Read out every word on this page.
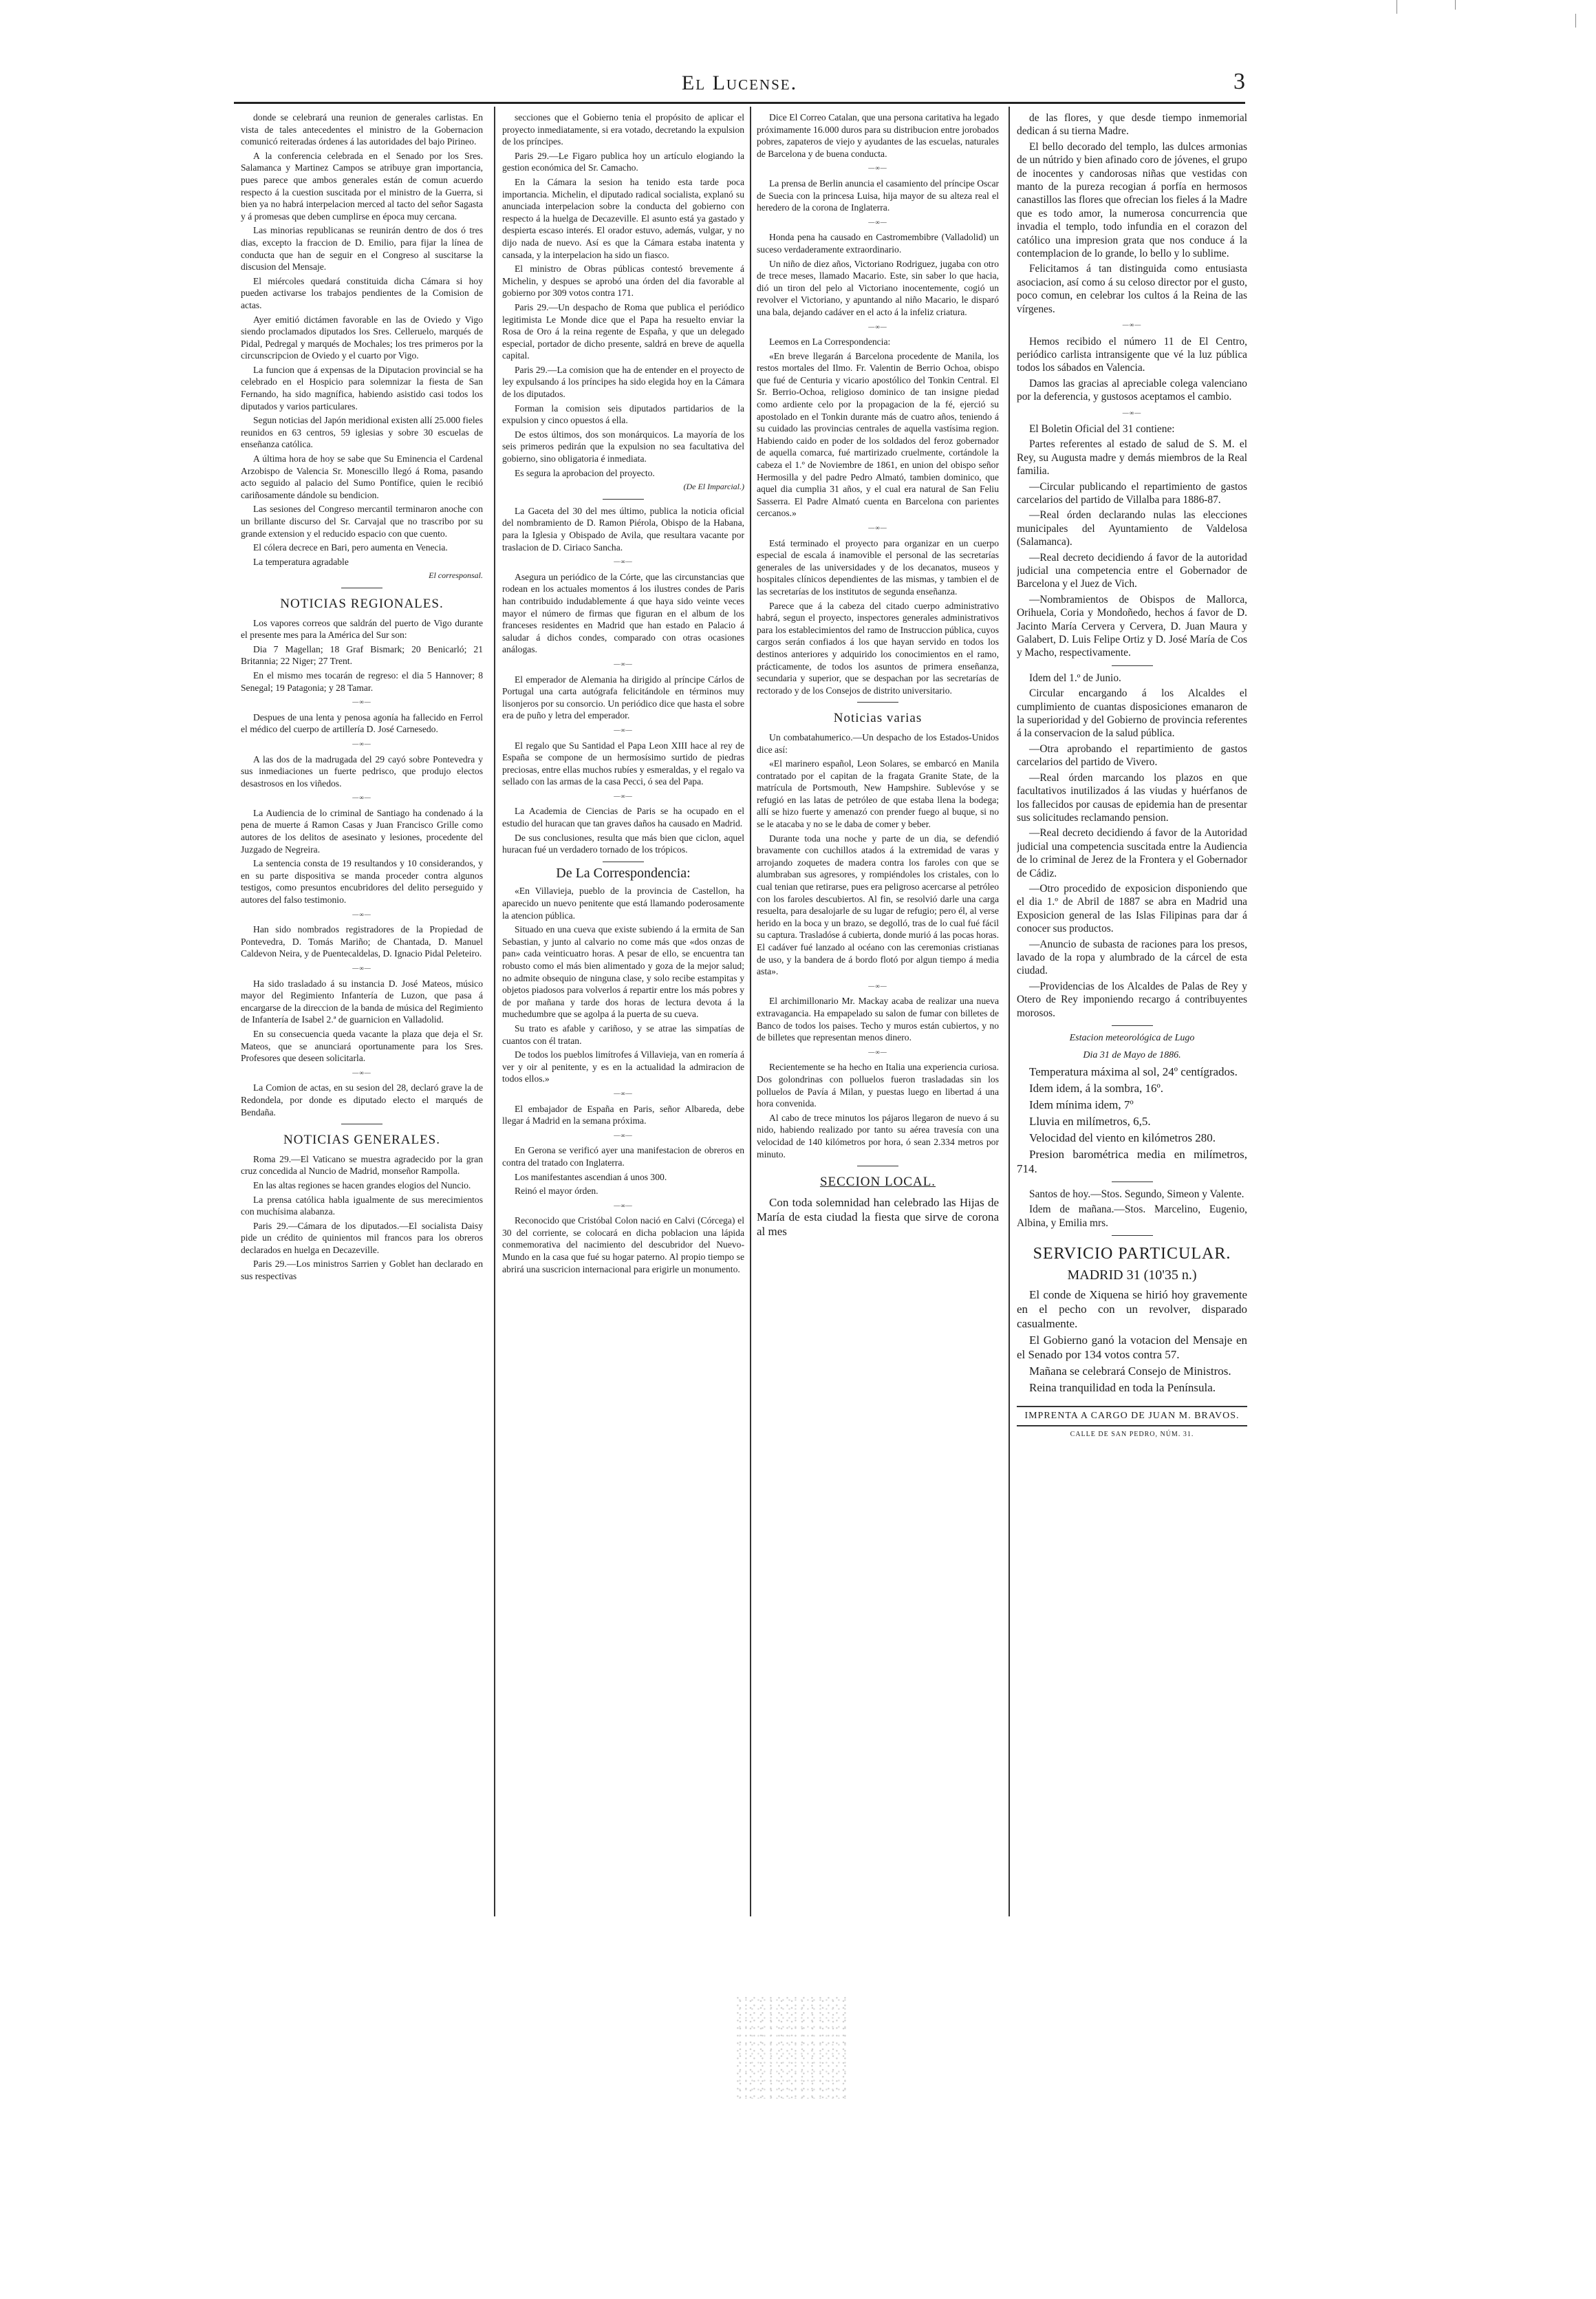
El Lucense.	3

donde se celebrará una reunion de generales carlistas. En vista de tales antecedentes el ministro de la Gobernacion comunicó reiteradas órdenes á las autoridades del bajo Pirineo.

A la conferencia celebrada en el Senado por los Sres. Salamanca y Martinez Campos se atribuye gran importancia, pues parece que ambos generales están de comun acuerdo respecto á la cuestion suscitada por el ministro de la Guerra, si bien ya no habrá interpelacion merced al tacto del señor Sagasta y á promesas que deben cumplirse en época muy cercana.

Las minorias republicanas se reunirán dentro de dos ó tres dias, excepto la fraccion de D. Emilio, para fijar la línea de conducta que han de seguir en el Congreso al suscitarse la discusion del Mensaje.

El miércoles quedará constituida dicha Cámara si hoy pueden activarse los trabajos pendientes de la Comision de actas.

Ayer emitió dictámen favorable en las de Oviedo y Vigo siendo proclamados diputados los Sres. Celleruelo, marqués de Pidal, Pedregal y marqués de Mochales; los tres primeros por la circunscripcion de Oviedo y el cuarto por Vigo.

La funcion que á expensas de la Diputacion provincial se ha celebrado en el Hospicio para solemnizar la fiesta de San Fernando, ha sido magnífica, habiendo asistido casi todos los diputados y varios particulares.

Segun noticias del Japón meridional existen allí 25.000 fieles reunidos en 63 centros, 59 iglesias y sobre 30 escuelas de enseñanza católica.

A última hora de hoy se sabe que Su Eminencia el Cardenal Arzobispo de Valencia Sr. Monescillo llegó á Roma, pasando acto seguido al palacio del Sumo Pontífice, quien le recibió cariñosamente dándole su bendicion.

Las sesiones del Congreso mercantil terminaron anoche con un brillante discurso del Sr. Carvajal que no trascribo por su grande extension y el reducido espacio con que cuento.

El cólera decrece en Bari, pero aumenta en Venecia.

La temperatura agradable

El corresponsal.

NOTICIAS REGIONALES.

Los vapores correos que saldrán del puerto de Vigo durante el presente mes para la América del Sur son:

Dia 7 Magellan; 18 Graf Bismark; 20 Benicarló; 21 Britannia; 22 Niger; 27 Trent.

En el mismo mes tocarán de regreso: el dia 5 Hannover; 8 Senegal; 19 Patagonia; y 28 Tamar.

—∞—

Despues de una lenta y penosa agonía ha fallecido en Ferrol el médico del cuerpo de artillería D. José Carnesedo.

—∞—

A las dos de la madrugada del 29 cayó sobre Pontevedra y sus inmediaciones un fuerte pedrisco, que produjo electos desastrosos en los viñedos.

—∞—

La Audiencia de lo criminal de Santiago ha condenado á la pena de muerte á Ramon Casas y Juan Francisco Grille como autores de los delitos de asesinato y lesiones, procedente del Juzgado de Negreira.

La sentencia consta de 19 resultandos y 10 considerandos, y en su parte dispositiva se manda proceder contra algunos testigos, como presuntos encubridores del delito perseguido y autores del falso testimonio.

—∞—

Han sido nombrados registradores de la Propiedad de Pontevedra, D. Tomás Mariño; de Chantada, D. Manuel Caldevon Neira, y de Puentecaldelas, D. Ignacio Pidal Peleteiro.

—∞—

Ha sido trasladado á su instancia D. José Mateos, músico mayor del Regimiento Infantería de Luzon, que pasa á encargarse de la direccion de la banda de música del Regimiento de Infantería de Isabel 2.ª de guarnicion en Valladolid.

En su consecuencia queda vacante la plaza que deja el Sr. Mateos, que se anunciará oportunamente para los Sres. Profesores que deseen solicitarla.

—∞—

La Comion de actas, en su sesion del 28, declaró grave la de Redondela, por donde es diputado electo el marqués de Bendaña.

NOTICIAS GENERALES.

Roma 29.—El Vaticano se muestra agradecido por la gran cruz concedida al Nuncio de Madrid, monseñor Rampolla.

En las altas regiones se hacen grandes elogios del Nuncio.

La prensa católica habla igualmente de sus merecimientos con muchísima alabanza.

Paris 29.—Cámara de los diputados.—El socialista Daisy pide un crédito de quinientos mil francos para los obreros declarados en huelga en Decazeville.

Paris 29.—Los ministros Sarrien y Goblet han declarado en sus respectivas

secciones que el Gobierno tenia el propósito de aplicar el proyecto inmediatamente, si era votado, decretando la expulsion de los príncipes.

Paris 29.—Le Figaro publica hoy un artículo elogiando la gestion económica del Sr. Camacho.

En la Cámara la sesion ha tenido esta tarde poca importancia. Michelin, el diputado radical socialista, explanó su anunciada interpelacion sobre la conducta del gobierno con respecto á la huelga de Decazeville. El asunto está ya gastado y despierta escaso interés. El orador estuvo, además, vulgar, y no dijo nada de nuevo. Así es que la Cámara estaba inatenta y cansada, y la interpelacion ha sido un fiasco.

El ministro de Obras públicas contestó brevemente á Michelin, y despues se aprobó una órden del dia favorable al gobierno por 309 votos contra 171.

Paris 29.—Un despacho de Roma que publica el periódico legitimista Le Monde dice que el Papa ha resuelto enviar la Rosa de Oro á la reina regente de España, y que un delegado especial, portador de dicho presente, saldrá en breve de aquella capital.

Paris 29.—La comision que ha de entender en el proyecto de ley expulsando á los príncipes ha sido elegida hoy en la Cámara de los diputados.

Forman la comision seis diputados partidarios de la expulsion y cinco opuestos á ella.

De estos últimos, dos son monárquicos. La mayoría de los seis primeros pedirán que la expulsion no sea facultativa del gobierno, sino obligatoria é inmediata.

Es segura la aprobacion del proyecto.

(De El Imparcial.)

La Gaceta del 30 del mes último, publica la noticia oficial del nombramiento de D. Ramon Piérola, Obispo de la Habana, para la Iglesia y Obispado de Avila, que resultara vacante por traslacion de D. Ciriaco Sancha.

—∞—

Asegura un periódico de la Córte, que las circunstancias que rodean en los actuales momentos á los ilustres condes de Paris han contribuido indudablemente á que haya sido veinte veces mayor el número de firmas que figuran en el album de los franceses residentes en Madrid que han estado en Palacio á saludar á dichos condes, comparado con otras ocasiones análogas.

—∞—

El emperador de Alemania ha dirigido al príncipe Cárlos de Portugal una carta autógrafa felicitándole en términos muy lisonjeros por su consorcio. Un periódico dice que hasta el sobre era de puño y letra del emperador.

—∞—

El regalo que Su Santidad el Papa Leon XIII hace al rey de España se compone de un hermosísimo surtido de piedras preciosas, entre ellas muchos rubíes y esmeraldas, y el regalo va sellado con las armas de la casa Pecci, ó sea del Papa.

—∞—

La Academia de Ciencias de Paris se ha ocupado en el estudio del huracan que tan graves daños ha causado en Madrid.

De sus conclusiones, resulta que más bien que ciclon, aquel huracan fué un verdadero tornado de los trópicos.

De La Correspondencia:

«En Villavieja, pueblo de la provincia de Castellon, ha aparecido un nuevo penitente que está llamando poderosamente la atencion pública.

Situado en una cueva que existe subiendo á la ermita de San Sebastian, y junto al calvario no come más que «dos onzas de pan» cada veinticuatro horas. A pesar de ello, se encuentra tan robusto como el más bien alimentado y goza de la mejor salud; no admite obsequio de ninguna clase, y solo recibe estampitas y objetos piadosos para volverlos á repartir entre los más pobres y de por mañana y tarde dos horas de lectura devota á la muchedumbre que se agolpa á la puerta de su cueva.

Su trato es afable y cariñoso, y se atrae las simpatías de cuantos con él tratan.

De todos los pueblos limítrofes á Villavieja, van en romería á ver y oir al penitente, y es en la actualidad la admiracion de todos ellos.»

—∞—

El embajador de España en Paris, señor Albareda, debe llegar á Madrid en la semana próxima.

—∞—

En Gerona se verificó ayer una manifestacion de obreros en contra del tratado con Inglaterra.

Los manifestantes ascendian á unos 300.

Reinó el mayor órden.

—∞—

Reconocido que Cristóbal Colon nació en Calvi (Córcega) el 30 del corriente, se colocará en dicha poblacion una lápida conmemorativa del nacimiento del descubridor del Nuevo-Mundo en la casa que fué su hogar paterno. Al propio tiempo se abrirá una suscricion internacional para erigirle un monumento.

Dice El Correo Catalan, que una persona caritativa ha legado próximamente 16.000 duros para su distribucion entre jorobados pobres, zapateros de viejo y ayudantes de las escuelas, naturales de Barcelona y de buena conducta.

—∞—

La prensa de Berlin anuncia el casamiento del príncipe Oscar de Suecia con la princesa Luisa, hija mayor de su alteza real el heredero de la corona de Inglaterra.

—∞—

Honda pena ha causado en Castromembibre (Valladolid) un suceso verdaderamente extraordinario.

Un niño de diez años, Victoriano Rodriguez, jugaba con otro de trece meses, llamado Macario. Este, sin saber lo que hacia, dió un tiron del pelo al Victoriano inocentemente, cogió un revolver el Victoriano, y apuntando al niño Macario, le disparó una bala, dejando cadáver en el acto á la infeliz criatura.

—∞—

Leemos en La Correspondencia:

«En breve llegarán á Barcelona procedente de Manila, los restos mortales del Ilmo. Fr. Valentin de Berrio Ochoa, obispo que fué de Centuria y vicario apostólico del Tonkin Central. El Sr. Berrio-Ochoa, religioso dominico de tan insigne piedad como ardiente celo por la propagacion de la fé, ejerció su apostolado en el Tonkin durante más de cuatro años, teniendo á su cuidado las provincias centrales de aquella vastísima region. Habiendo caido en poder de los soldados del feroz gobernador de aquella comarca, fué martirizado cruelmente, cortándole la cabeza el 1.º de Noviembre de 1861, en union del obispo señor Hermosilla y del padre Pedro Almató, tambien dominico, que aquel dia cumplia 31 años, y el cual era natural de San Feliu Sasserra. El Padre Almató cuenta en Barcelona con parientes cercanos.»

—∞—

Está terminado el proyecto para organizar en un cuerpo especial de escala á inamovible el personal de las secretarías generales de las universidades y de los decanatos, museos y hospitales clínicos dependientes de las mismas, y tambien el de las secretarías de los institutos de segunda enseñanza.

Parece que á la cabeza del citado cuerpo administrativo habrá, segun el proyecto, inspectores generales administrativos para los establecimientos del ramo de Instruccion pública, cuyos cargos serán confiados á los que hayan servido en todos los destinos anteriores y adquirido los conocimientos en el ramo, prácticamente, de todos los asuntos de primera enseñanza, secundaria y superior, que se despachan por las secretarías de rectorado y de los Consejos de distrito universitario.

Noticias varias

Un combatahumerico.—Un despacho de los Estados-Unidos dice así:

«El marinero español, Leon Solares, se embarcó en Manila contratado por el capitan de la fragata Granite State, de la matrícula de Portsmouth, New Hampshire. Sublevóse y se refugió en las latas de petróleo de que estaba llena la bodega; allí se hizo fuerte y amenazó con prender fuego al buque, si no se le atacaba y no se le daba de comer y beber.

Durante toda una noche y parte de un dia, se defendió bravamente con cuchillos atados á la extremidad de varas y arrojando zoquetes de madera contra los faroles con que se alumbraban sus agresores, y rompiéndoles los cristales, con lo cual tenian que retirarse, pues era peligroso acercarse al petróleo con los faroles descubiertos. Al fin, se resolvió darle una carga resuelta, para desalojarle de su lugar de refugio; pero él, al verse herido en la boca y un brazo, se degolló, tras de lo cual fué fácil su captura. Trasladóse á cubierta, donde murió á las pocas horas. El cadáver fué lanzado al océano con las ceremonias cristianas de uso, y la bandera de á bordo flotó por algun tiempo á media asta».

—∞—

El archimillonario Mr. Mackay acaba de realizar una nueva extravagancia. Ha empapelado su salon de fumar con billetes de Banco de todos los paises. Techo y muros están cubiertos, y no de billetes que representan menos dinero.

—∞—

Recientemente se ha hecho en Italia una experiencia curiosa. Dos golondrinas con polluelos fueron trasladadas sin los polluelos de Pavía á Milan, y puestas luego en libertad á una hora convenida.

Al cabo de trece minutos los pájaros llegaron de nuevo á su nido, habiendo realizado por tanto su aérea travesía con una velocidad de 140 kilómetros por hora, ó sean 2.334 metros por minuto.

SECCION LOCAL.

Con toda solemnidad han celebrado las Hijas de María de esta ciudad la fiesta que sirve de corona al mes

de las flores, y que desde tiempo inmemorial dedican á su tierna Madre.

El bello decorado del templo, las dulces armonias de un nútrido y bien afinado coro de jóvenes, el grupo de inocentes y candorosas niñas que vestidas con manto de la pureza recogian á porfía en hermosos canastillos las flores que ofrecian los fieles á la Madre que es todo amor, la numerosa concurrencia que invadia el templo, todo infundia en el corazon del católico una impresion grata que nos conduce á la contemplacion de lo grande, lo bello y lo sublime.

Felicitamos á tan distinguida como entusiasta asociacion, así como á su celoso director por el gusto, poco comun, en celebrar los cultos á la Reina de las vírgenes.

—∞—

Hemos recibido el número 11 de El Centro, periódico carlista intransigente que vé la luz pública todos los sábados en Valencia.

Damos las gracias al apreciable colega valenciano por la deferencia, y gustosos aceptamos el cambio.

—∞—

El Boletin Oficial del 31 contiene:

Partes referentes al estado de salud de S. M. el Rey, su Augusta madre y demás miembros de la Real familia.

—Circular publicando el repartimiento de gastos carcelarios del partido de Villalba para 1886-87.

—Real órden declarando nulas las elecciones municipales del Ayuntamiento de Valdelosa (Salamanca).

—Real decreto decidiendo á favor de la autoridad judicial una competencia entre el Gobernador de Barcelona y el Juez de Vich.

—Nombramientos de Obispos de Mallorca, Orihuela, Coria y Mondoñedo, hechos á favor de D. Jacinto María Cervera y Cervera, D. Juan Maura y Galabert, D. Luis Felipe Ortiz y D. José María de Cos y Macho, respectivamente.

Idem del 1.º de Junio.

Circular encargando á los Alcaldes el cumplimiento de cuantas disposiciones emanaron de la superioridad y del Gobierno de provincia referentes á la conservacion de la salud pública.

—Otra aprobando el repartimiento de gastos carcelarios del partido de Vivero.

—Real órden marcando los plazos en que facultativos inutilizados á las viudas y huérfanos de los fallecidos por causas de epidemia han de presentar sus solicitudes reclamando pension.

—Real decreto decidiendo á favor de la Autoridad judicial una competencia suscitada entre la Audiencia de lo criminal de Jerez de la Frontera y el Gobernador de Cádiz.

—Otro procedido de exposicion disponiendo que el dia 1.º de Abril de 1887 se abra en Madrid una Exposicion general de las Islas Filipinas para dar á conocer sus productos.

—Anuncio de subasta de raciones para los presos, lavado de la ropa y alumbrado de la cárcel de esta ciudad.

—Providencias de los Alcaldes de Palas de Rey y Otero de Rey imponiendo recargo á contribuyentes morosos.

Estacion meteorológica de Lugo

Dia 31 de Mayo de 1886.

Temperatura máxima al sol, 24º centígrados.

Idem idem, á la sombra, 16º.

Idem mínima idem, 7º

Lluvia en milímetros, 6,5.

Velocidad del viento en kilómetros 280.

Presion barométrica media en milímetros, 714.

Santos de hoy.—Stos. Segundo, Simeon y Valente.

Idem de mañana.—Stos. Marcelino, Eugenio, Albina, y Emilia mrs.

SERVICIO PARTICULAR.

MADRID 31 (10'35 n.)

El conde de Xiquena se hirió hoy gravemente en el pecho con un revolver, disparado casualmente.

El Gobierno ganó la votacion del Mensaje en el Senado por 134 votos contra 57.

Mañana se celebrará Consejo de Ministros.

Reina tranquilidad en toda la Península.

IMPRENTA A CARGO DE JUAN M. BRAVOS.

CALLE DE SAN PEDRO, NÚM. 31.
